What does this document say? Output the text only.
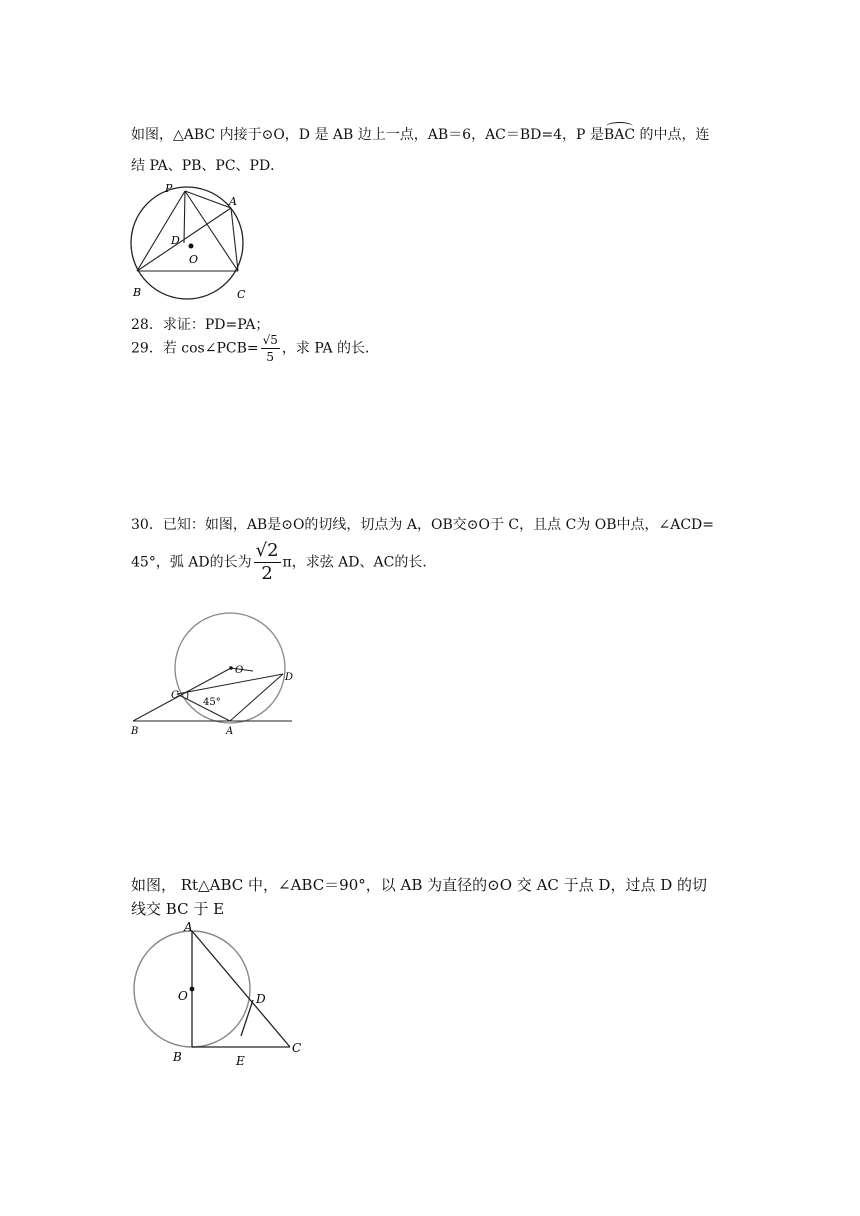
如图，△ABC 内接于⊙O，D 是 AB 边上一点，AB＝6，AC＝BD=4，P 是BAC 的中点，连
结 PA、PB、PC、PD．
P
A
D
O
B	C
28．求证：PD=PA；
29．若 cos∠PCB= $\frac{√5}{5}$ ，求 PA 的长．
30．已知：如图，AB是⊙O的切线，切点为 A，OB交⊙O于 C，且点 C为 OB中点，∠ACD=
45°，弧 AD的长为 $\frac{√2}{2}$ π，求弦 AD、AC的长．
O
D
C
45°
B	A
如图， Rt△ABC 中，∠ABC＝90°，以 AB 为直径的⊙O 交 AC 于点 D，过点 D 的切
线交 BC 于 E
A
O	D
B	E
C
